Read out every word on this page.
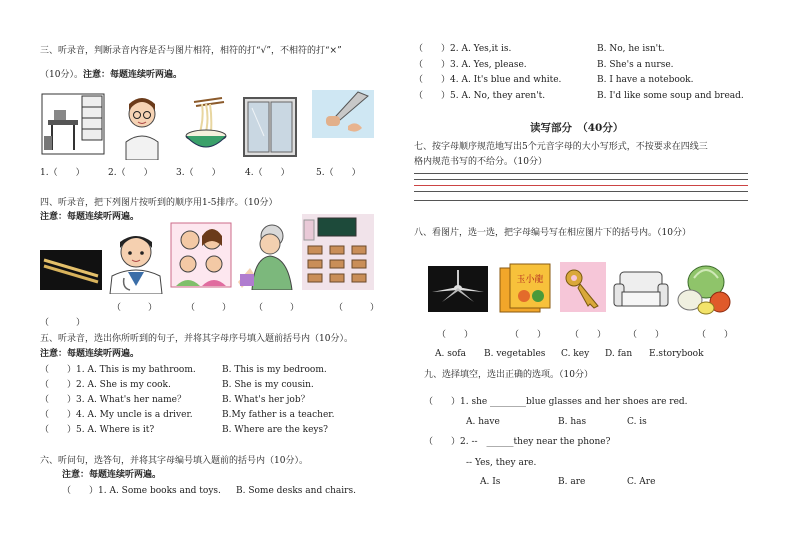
三、听录音，判断录音内容是否与图片相符，相符的打“√”，不相符的打“×”
（10分）。注意：每题连续听两遍。
1.（　　）	2.（　　）	3.（　　）	4.（　　）	5.（　　）
四、听录音，把下列图片按听到的顺序用1-5排序。（10分）
注意：每题连续听两遍。
（　　　）	（　　　）	（　　　）	（　　　）
（　　　）
五、听录音，选出你所听到的句子，并将其字母序号填入题前括号内（10分）。
注意：每题连续听两遍。
（　　）1. A. This is my bathroom.	B. This is my bedroom.
（　　）2. A. She is my cook.	B. She is my cousin.
（　　）3. A. What's her name？	B. What's her job？
（　　）4. A. My uncle is a driver.	B.My father is a teacher.
（　　）5. A. Where is it?	B. Where are the keys?
六、听问句，选答句，并将其字母编号填入题前的括号内（10分）。
注意：每题连续听两遍。
（　　）1. A. Some books and toys. B. Some desks and chairs.
（　　）2. A. Yes,it is.	B. No, he isn't.
（　　）3. A. Yes, please.	B. She's a nurse.
（　　）4. A. It's blue and white.	B. I have a notebook.
（　　）5. A. No, they aren't.	B. I'd like some soup and bread.
读写部分　（40分）
七、按字母顺序规范地写出5个元音字母的大小写形式，不按要求在四线三
格内规范书写的不给分。（10分）
八、看图片，选一选，把字母编号写在相应图片下的括号内。（10分）
玉小龍
（　　）	（　　）	（　　） （　　）	（　　）
A. sofa B. vegetables C. key D. fan E.storybook
九、选择填空，选出正确的选项。（10分）
（　　）1. she ________blue glasses and her shoes are red.
A. have	B. has	C. is
（　　）2. --　______they near the phone?
-- Yes, they are.
A. Is	B. are	C. Are
